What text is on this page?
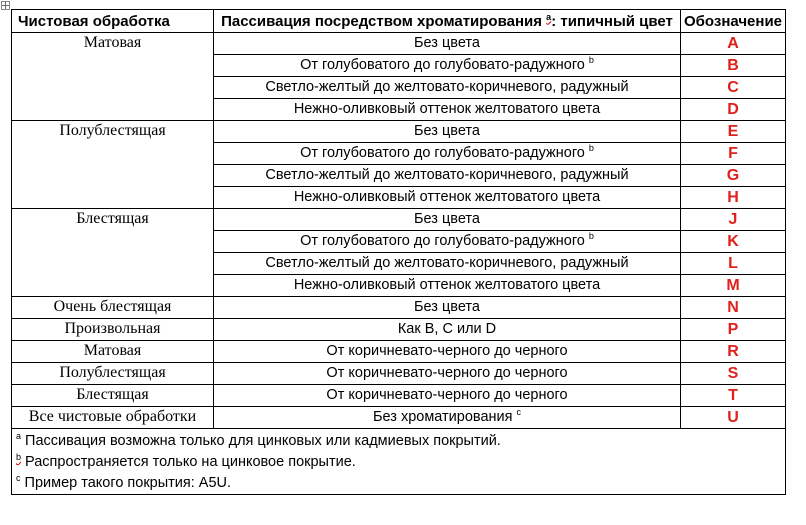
Чистовая обработка	Пассивация посредством хроматирования $^a$: типичный цвет	Обозначение
Матовая	Без цвета	A
	От голубоватого до голубовато-радужного $^b$	B
	Светло-желтый до желтовато-коричневого, радужный	C
	Нежно-оливковый оттенок желтоватого цвета	D
Полублестящая	Без цвета	E
	От голубоватого до голубовато-радужного $^b$	F
	Светло-желтый до желтовато-коричневого, радужный	G
	Нежно-оливковый оттенок желтоватого цвета	H
Блестящая	Без цвета	J
	От голубоватого до голубовато-радужного $^b$	K
	Светло-желтый до желтовато-коричневого, радужный	L
	Нежно-оливковый оттенок желтоватого цвета	M
Очень блестящая	Без цвета	N
Произвольная	Как B, C или D	P
Матовая	От коричневато-черного до черного	R
Полублестящая	От коричневато-черного до черного	S
Блестящая	От коричневато-черного до черного	T
Все чистовые обработки	Без хроматирования $^c$	U

$^a$ Пассивация возможна только для цинковых или кадмиевых покрытий.
$^b$ Распространяется только на цинковое покрытие.
$^c$ Пример такого покрытия: A5U.		
